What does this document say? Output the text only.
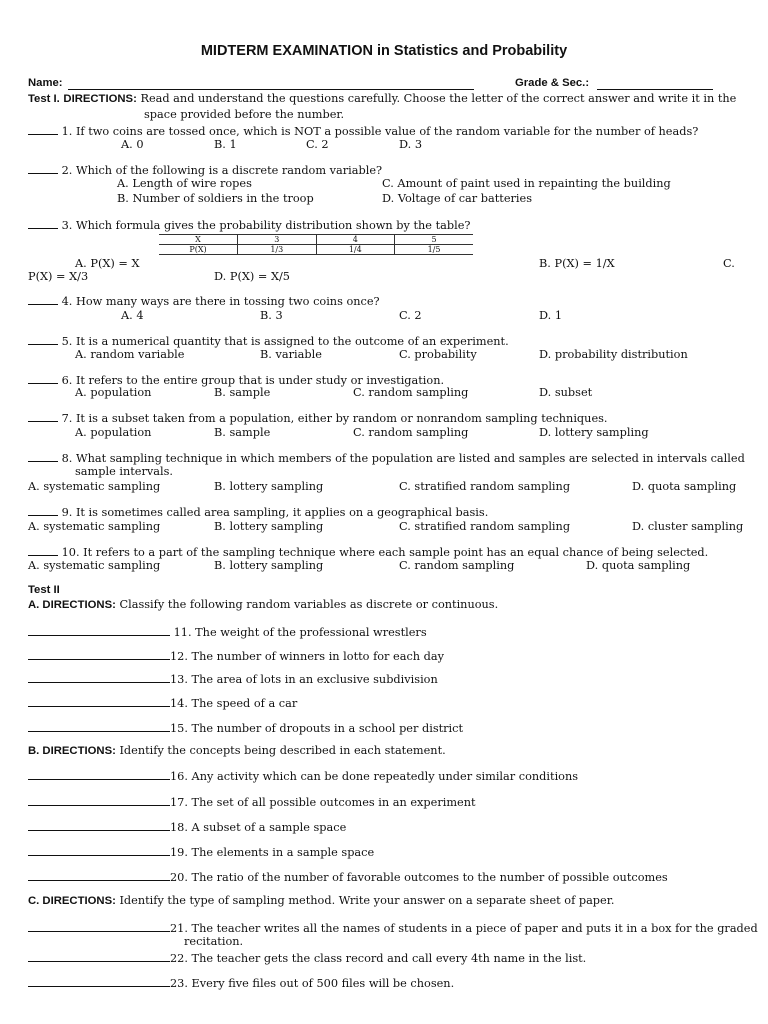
MIDTERM EXAMINATION in Statistics and Probability
Name:	Grade & Sec.:
Test I. DIRECTIONS: Read and understand the questions carefully. Choose the letter of the correct answer and write it in the
space provided before the number.
1. If two coins are tossed once, which is NOT a possible value of the random variable for the number of heads?
A. 0	B. 1	C. 2	D. 3
2. Which of the following is a discrete random variable?
A. Length of wire ropes
B. Number of soldiers in the troop
C. Amount of paint used in repainting the building
D. Voltage of car batteries
3. Which formula gives the probability distribution shown by the table?
X	3	4	5
P(X)	1/3	1/4	1/5
A. P(X) = X	B. P(X) = 1/X	C.
P(X) = X/3	D. P(X) = X/5
4. How many ways are there in tossing two coins once?
A. 4	B. 3	C. 2	D. 1
5. It is a numerical quantity that is assigned to the outcome of an experiment.
A. random variable	B. variable	C. probability	D. probability distribution
6. It refers to the entire group that is under study or investigation.
A. population	B. sample	C. random sampling	D. subset
7. It is a subset taken from a population, either by random or nonrandom sampling techniques.
A. population	B. sample	C. random sampling	D. lottery sampling
8. What sampling technique in which members of the population are listed and samples are selected in intervals called
sample intervals.
A. systematic sampling	B. lottery sampling	C. stratified random sampling	D. quota sampling
9. It is sometimes called area sampling, it applies on a geographical basis.
A. systematic sampling	B. lottery sampling	C. stratified random sampling	D. cluster sampling
10. It refers to a part of the sampling technique where each sample point has an equal chance of being selected.
A. systematic sampling	B. lottery sampling	C. random sampling	D. quota sampling
Test II
A. DIRECTIONS: Classify the following random variables as discrete or continuous.
11. The weight of the professional wrestlers
12. The number of winners in lotto for each day
13. The area of lots in an exclusive subdivision
14. The speed of a car
15. The number of dropouts in a school per district
B. DIRECTIONS: Identify the concepts being described in each statement.
16. Any activity which can be done repeatedly under similar conditions
17. The set of all possible outcomes in an experiment
18. A subset of a sample space
19. The elements in a sample space
20. The ratio of the number of favorable outcomes to the number of possible outcomes
C. DIRECTIONS: Identify the type of sampling method. Write your answer on a separate sheet of paper.
21. The teacher writes all the names of students in a piece of paper and puts it in a box for the graded
recitation.
22. The teacher gets the class record and call every 4th name in the list.
23. Every five files out of 500 files will be chosen.
